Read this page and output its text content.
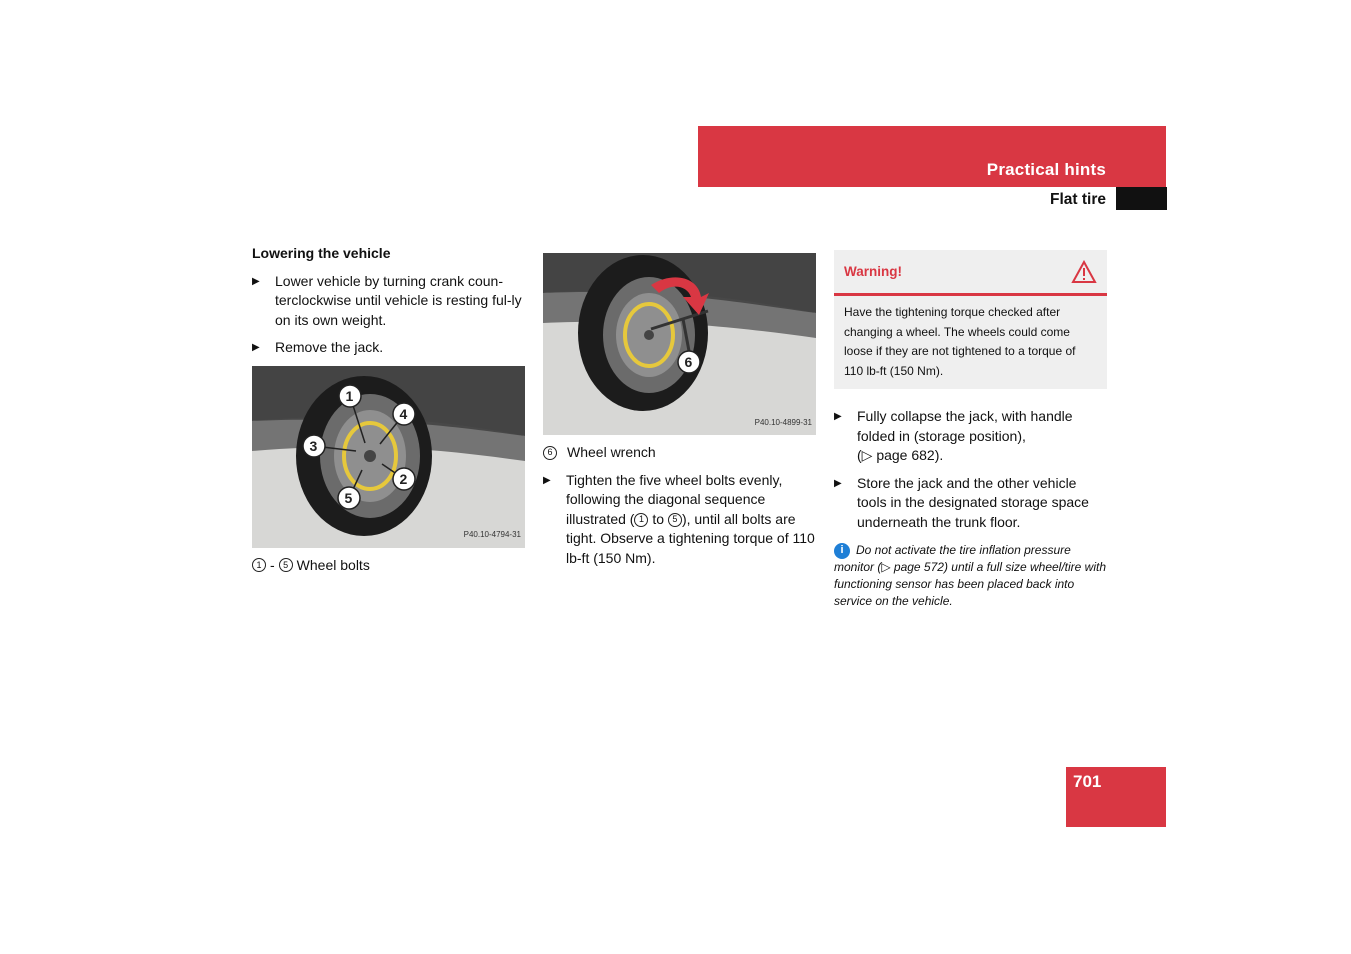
Practical hints
Flat tire
Lowering the vehicle
▶ Lower vehicle by turning crank coun-terclockwise until vehicle is resting ful-ly on its own weight.
▶ Remove the jack.
1
4
3
2
5
P40.10-4794-31
1 - 5 Wheel bolts
6
P40.10-4899-31
6	Wheel wrench
▶ Tighten the five wheel bolts evenly, following the diagonal sequence illustrated ( 1 to 5 ), until all bolts are tight. Observe a tightening torque of 110 lb-ft (150 Nm).
Warning!
Have the tightening torque checked after changing a wheel. The wheels could come loose if they are not tightened to a torque of 110 lb-ft (150 Nm).
▶ Fully collapse the jack, with handle folded in (storage position),
(▷ page 682).
▶ Store the jack and the other vehicle tools in the designated storage space underneath the trunk floor.
i Do not activate the tire inflation pressure monitor (▷ page 572) until a full size wheel/tire with functioning sensor has been placed back into service on the vehicle.
701
